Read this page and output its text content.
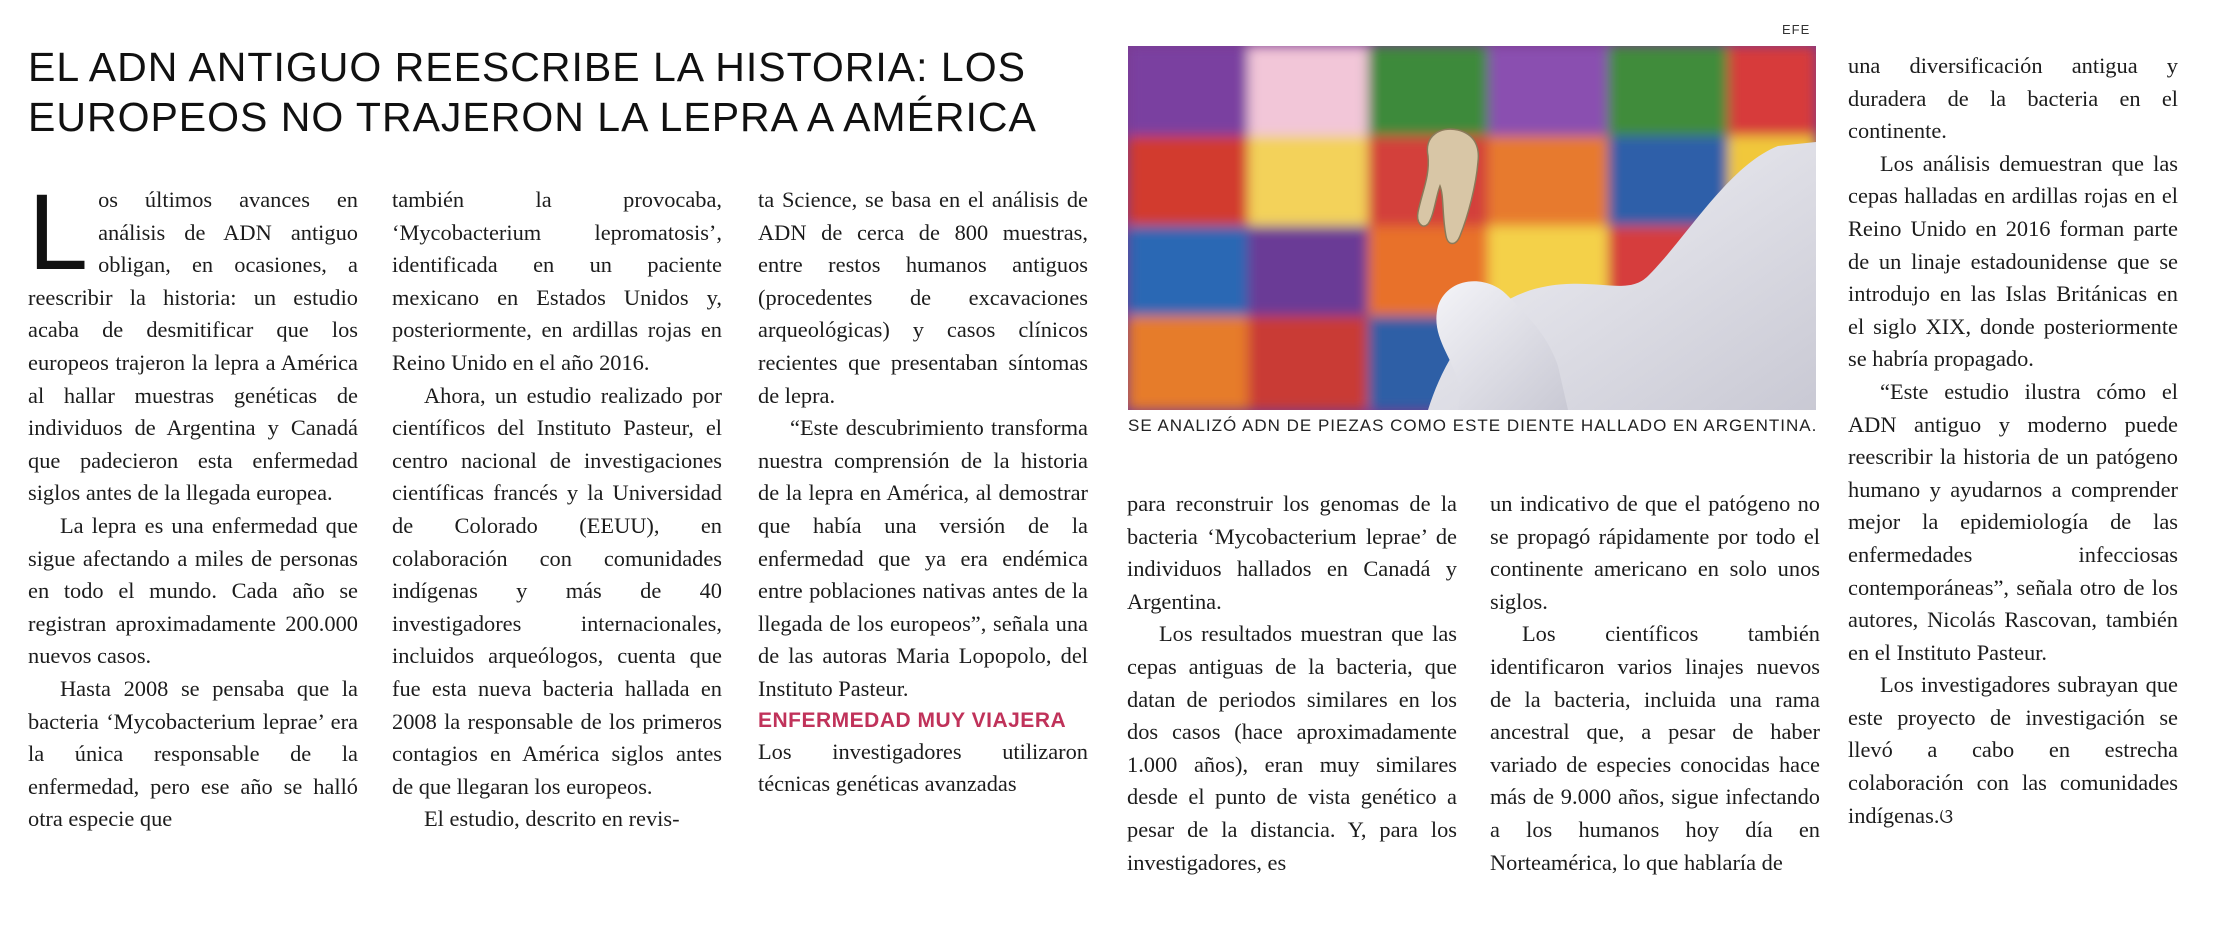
EL ADN ANTIGUO REESCRIBE LA HISTORIA: LOS
EUROPEOS NO TRAJERON LA LEPRA A AMÉRICA
EFE
SE ANALIZÓ ADN DE PIEZAS COMO ESTE DIENTE HALLADO EN ARGENTINA.

Los últimos avances en análisis de ADN antiguo obligan, en ocasiones, a reescribir la historia: un estudio acaba de desmitificar que los europeos trajeron la lepra a América al hallar muestras genéticas de individuos de Argentina y Canadá que padecieron esta enfermedad siglos antes de la llegada europea.

La lepra es una enfermedad que sigue afectando a miles de personas en todo el mundo. Cada año se registran aproximadamente 200.000 nuevos casos.

Hasta 2008 se pensaba que la bacteria ‘Mycobacterium leprae’ era la única responsable de la enfermedad, pero ese año se halló otra especie que

también la provocaba, ‘Mycobacterium lepromatosis’, identificada en un paciente mexicano en Estados Unidos y, posteriormente, en ardillas rojas en Reino Unido en el año 2016.

Ahora, un estudio realizado por científicos del Instituto Pasteur, el centro nacional de investigaciones científicas francés y la Universidad de Colorado (EEUU), en colaboración con comunidades indígenas y más de 40 investigadores internacionales, incluidos arqueólogos, cuenta que fue esta nueva bacteria hallada en 2008 la responsable de los primeros contagios en América siglos antes de que llegaran los europeos.

El estudio, descrito en revis-

ta Science, se basa en el análisis de ADN de cerca de 800 muestras, entre restos humanos antiguos (procedentes de excavaciones arqueológicas) y casos clínicos recientes que presentaban síntomas de lepra.

“Este descubrimiento transforma nuestra comprensión de la historia de la lepra en América, al demostrar que había una versión de la enfermedad que ya era endémica entre poblaciones nativas antes de la llegada de los europeos”, señala una de las autoras Maria Lopopolo, del Instituto Pasteur.

ENFERMEDAD MUY VIAJERA

Los investigadores utilizaron técnicas genéticas avanzadas

para reconstruir los genomas de la bacteria ‘Mycobacterium leprae’ de individuos hallados en Canadá y Argentina.

Los resultados muestran que las cepas antiguas de la bacteria, que datan de periodos similares en los dos casos (hace aproximadamente 1.000 años), eran muy similares desde el punto de vista genético a pesar de la distancia. Y, para los investigadores, es

un indicativo de que el patógeno no se propagó rápidamente por todo el continente americano en solo unos siglos.

Los científicos también identificaron varios linajes nuevos de la bacteria, incluida una rama ancestral que, a pesar de haber variado de especies conocidas hace más de 9.000 años, sigue infectando a los humanos hoy día en Norteamérica, lo que hablaría de

una diversificación antigua y duradera de la bacteria en el continente.

Los análisis demuestran que las cepas halladas en ardillas rojas en el Reino Unido en 2016 forman parte de un linaje estadounidense que se introdujo en las Islas Británicas en el siglo XIX, donde posteriormente se habría propagado.

“Este estudio ilustra cómo el ADN antiguo y moderno puede reescribir la historia de un patógeno humano y ayudarnos a comprender mejor la epidemiología de las enfermedades infecciosas contemporáneas”, señala otro de los autores, Nicolás Rascovan, también en el Instituto Pasteur.

Los investigadores subrayan que este proyecto de investigación se llevó a cabo en estrecha colaboración con las comunidades indígenas.ଓ
